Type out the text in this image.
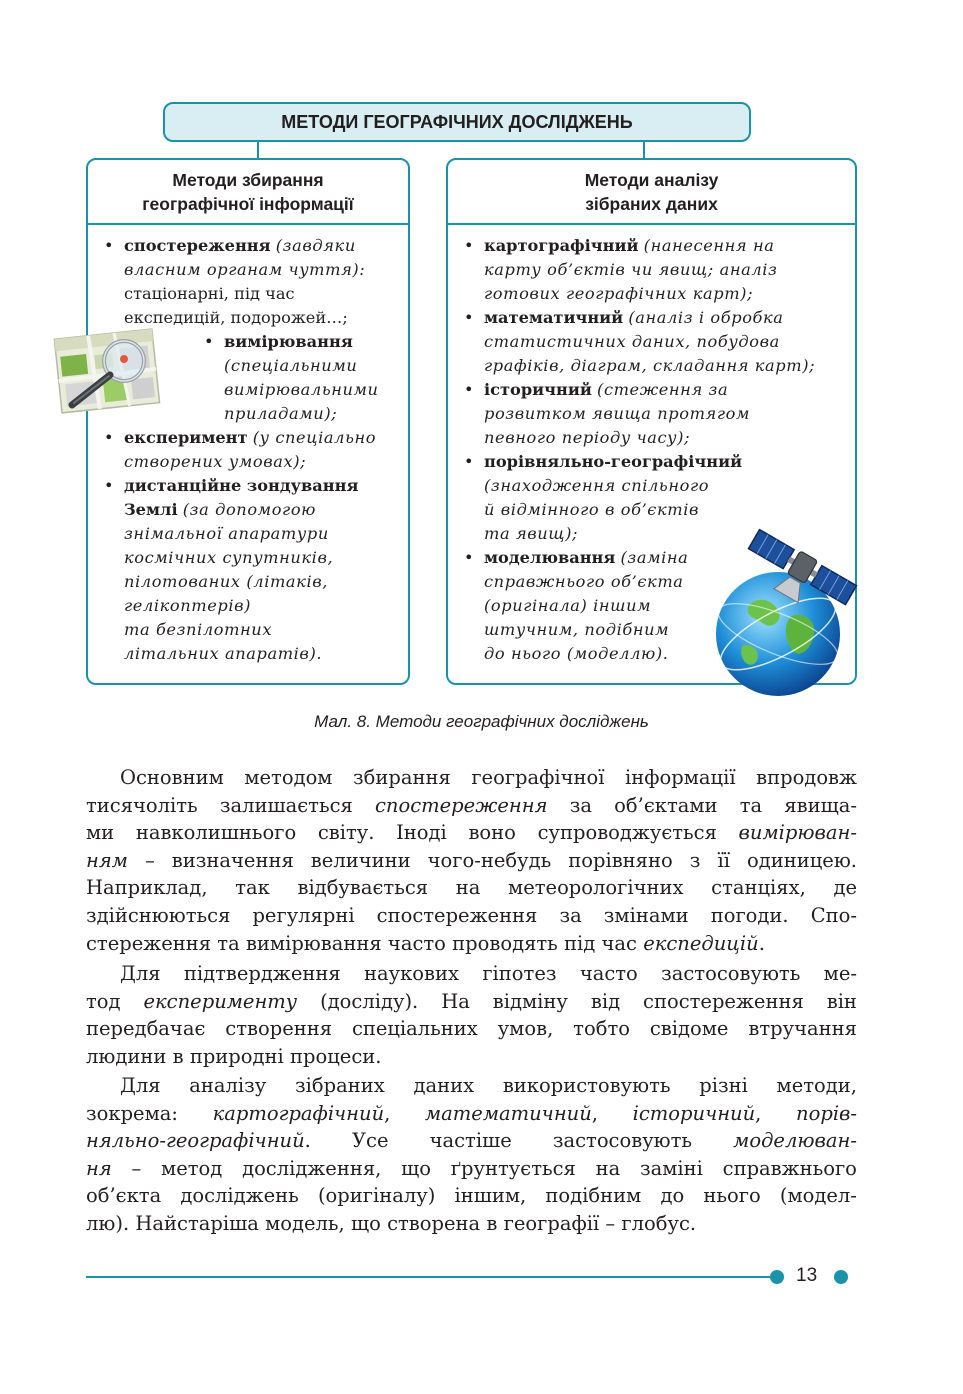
МЕТОДИ ГЕОГРАФІЧНИХ ДОСЛІДЖЕНЬ
Методи збирання
географічної інформації
• спостереження (завдяки
власним органам чуття):
стаціонарні, під час
експедицій, подорожей…;
• вимірювання (спеціальними
вимірювальними
приладами);
• експеримент (у спеціально
створених умовах);
• дистанційне зондування
Землі (за допомогою
знімальної апаратури
космічних супутників,
пілотованих (літаків,
гелікоптерів)
та безпілотних
літальних апаратів).
Методи аналізу
зібраних даних
• картографічний (нанесення на
карту об’єктів чи явищ; аналіз
готових географічних карт);
• математичний (аналіз і обробка
статистичних даних, побудова
графіків, діаграм, складання карт);
• історичний (стеження за
розвитком явища протягом
певного періоду часу);
• порівняльно-географічний (знаходження спільного
й відмінного в об’єктів
та явищ);
• моделювання (заміна
справжнього об’єкта
(оригінала) іншим
штучним, подібним
до нього (моделлю).
Мал. 8. Методи географічних досліджень
Основним методом збирання географічної інформації впродовж
тисячоліть залишається спостереження за об’єктами та явища-
ми навколишнього світу. Іноді воно супроводжується вимірюван-
ням – визначення величини чого-небудь порівняно з її одиницею.
Наприклад, так відбувається на метеорологічних станціях, де
здійснюються регулярні спостереження за змінами погоди. Спо-
стереження та вимірювання часто проводять під час експедицій.
Для підтвердження наукових гіпотез часто застосовують ме-
тод експерименту (досліду). На відміну від спостереження він
передбачає створення спеціальних умов, тобто свідоме втручання
людини в природні процеси.
Для аналізу зібраних даних використовують різні методи,
зокрема: картографічний, математичний, історичний, порів-
няльно-географічний. Усе частіше застосовують моделюван-
ня – метод дослідження, що ґрунтується на заміні справжнього
об’єкта досліджень (оригіналу) іншим, подібним до нього (модел-
лю). Найстаріша модель, що створена в географії – глобус.
13
